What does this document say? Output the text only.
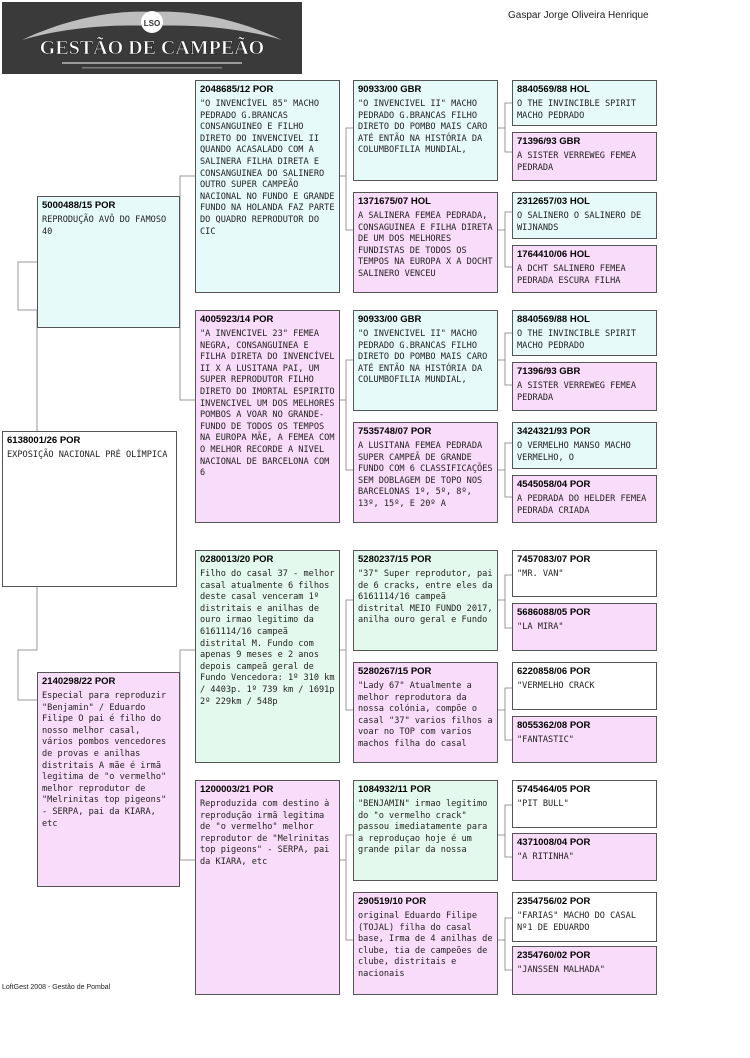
LSO
GESTÃO DE CAMPEÃO
Gaspar Jorge Oliveira Henrique
6138001/26 POR
EXPOSIÇÃO NACIONAL PRÉ OLÍMPICA
5000488/15 POR
REPRODUÇÃO AVÔ DO FAMOSO 40
2140298/22 POR
Especial para reproduzir "Benjamin" / Eduardo Filipe O pai é filho do nosso melhor casal, vários pombos vencedores de provas e anilhas distritais A mãe é irmã legitima de "o vermelho" melhor reprodutor de "Melrinitas top pigeons" - SERPA, pai da KIARA, etc
2048685/12 POR
"O INVENCÍVEL 85" MACHO PEDRADO G.BRANCAS CONSANGUINEO E FILHO DIRETO DO INVENCIVEL II QUANDO ACASALADO COM A SALINERA FILHA DIRETA E CONSANGUINEA DO SALINERO OUTRO SUPER CAMPEÃO NACIONAL NO FUNDO E GRANDE FUNDO NA HOLANDA FAZ PARTE DO QUADRO REPRODUTOR DO CIC
4005923/14 POR
"A INVENCIVEL 23" FEMEA NEGRA, CONSANGUINEA E FILHA DIRETA DO INVENCÍVEL II X A LUSITANA PAI, UM SUPER REPRODUTOR FILHO DIRETO DO IMORTAL ESPIRITO INVENCIVEL UM DOS MELHORES POMBOS A VOAR NO GRANDE-FUNDO DE TODOS OS TEMPOS NA EUROPA MÃE, A FEMEA COM O MELHOR RECORDE A NIVEL NACIONAL DE BARCELONA COM 6
0280013/20 POR
Filho do casal 37 - melhor casal atualmente 6 filhos deste casal venceram 1º distritais e anilhas de ouro irmao legitimo da 6161114/16 campeã distrital M. Fundo com apenas 9 meses e 2 anos depois campeã geral de Fundo Vencedora: 1º 310 km / 4403p. 1º 739 km / 1691p 2º 229km / 548p
1200003/21 POR
Reproduzida com destino à reprodução irmã legitima de "o vermelho" melhor reprodutor de "Melrinitas top pigeons" - SERPA, pai da KIARA, etc
90933/00 GBR
"O INVENCIVEL II" MACHO PEDRADO G.BRANCAS FILHO DIRETO DO POMBO MAIS CARO ATÉ ENTÃO NA HISTÓRIA DA COLUMBOFILIA MUNDIAL,
1371675/07 HOL
A SALINERA FEMEA PEDRADA, CONSAGUINEA E FILHA DIRETA DE UM DOS MELHORES FUNDISTAS DE TODOS OS TEMPOS NA EUROPA X A DOCHT SALINERO VENCEU
90933/00 GBR
"O INVENCIVEL II" MACHO PEDRADO G.BRANCAS FILHO DIRETO DO POMBO MAIS CARO ATÉ ENTÃO NA HISTÓRIA DA COLUMBOFILIA MUNDIAL,
7535748/07 POR
A LUSITANA FEMEA PEDRADA SUPER CAMPEÃ DE GRANDE FUNDO COM 6 CLASSIFICAÇÕES SEM DOBLAGEM DE TOPO NOS BARCELONAS 1º, 5º, 8º, 13º, 15º, E 20º A
5280237/15 POR
"37" Super reprodutor, pai de 6 cracks, entre eles da 6161114/16 campeã distrital MEIO FUNDO 2017, anilha ouro geral e Fundo
5280267/15 POR
"Lady 67" Atualmente a melhor reprodutora da nossa colónia, compõe o casal "37" varios filhos a voar no TOP com varios machos filha do casal
1084932/11 POR
"BENJAMIN" irmao legitimo do "o vermelho crack" passou imediatamente para a reproduçao hoje é um grande pilar da nossa
290519/10 POR
original Eduardo Filipe (TOJAL) filha do casal base, Irma de 4 anilhas de clube, tia de campeões de clube, distritais e nacionais
8840569/88 HOL
O THE INVINCIBLE SPIRIT MACHO PEDRADO
71396/93 GBR
A SISTER VERREWEG FEMEA PEDRADA
2312657/03 HOL
O SALINERO O SALINERO DE WIJNANDS
1764410/06 HOL
A DCHT SALINERO FEMEA PEDRADA ESCURA FILHA
8840569/88 HOL
O THE INVINCIBLE SPIRIT MACHO PEDRADO
71396/93 GBR
A SISTER VERREWEG FEMEA PEDRADA
3424321/93 POR
O VERMELHO MANSO MACHO VERMELHO, O
4545058/04 POR
A PEDRADA DO HELDER FEMEA PEDRADA CRIADA
7457083/07 POR
"MR. VAN"
5686088/05 POR
"LA MIRA"
6220858/06 POR
"VERMELHO CRACK
8055362/08 POR
"FANTASTIC"
5745464/05 POR
"PIT BULL"
4371008/04 POR
"A RITINHA"
2354756/02 POR
"FARIAS" MACHO DO CASAL Nº1 DE EDUARDO
2354760/02 POR
"JANSSEN MALHADA"
LoftGest 2008 - Gestão de Pombal
